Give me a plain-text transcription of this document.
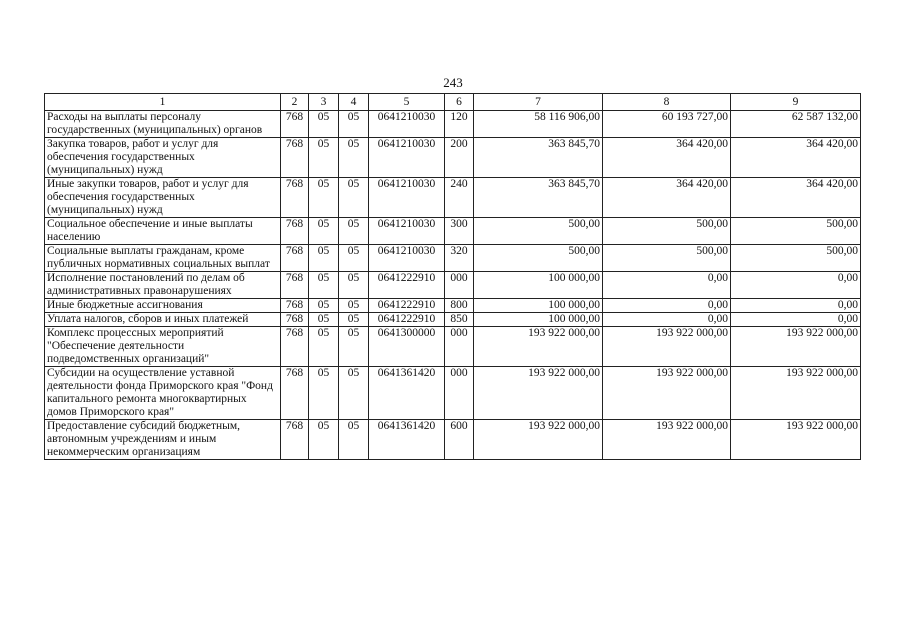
243
1	2	3	4	5	6	7	8	9
Расходы на выплаты персоналу государственных (муниципальных) органов	768	05	05	0641210030	120	58 116 906,00	60 193 727,00	62 587 132,00
Закупка товаров, работ и услуг для обеспечения государственных (муниципальных) нужд	768	05	05	0641210030	200	363 845,70	364 420,00	364 420,00
Иные закупки товаров, работ и услуг для обеспечения государственных (муниципальных) нужд	768	05	05	0641210030	240	363 845,70	364 420,00	364 420,00
Социальное обеспечение и иные выплаты населению	768	05	05	0641210030	300	500,00	500,00	500,00
Социальные выплаты гражданам, кроме публичных нормативных социальных выплат	768	05	05	0641210030	320	500,00	500,00	500,00
Исполнение постановлений по делам об административных правонарушениях	768	05	05	0641222910	000	100 000,00	0,00	0,00
Иные бюджетные ассигнования	768	05	05	0641222910	800	100 000,00	0,00	0,00
Уплата налогов, сборов и иных платежей	768	05	05	0641222910	850	100 000,00	0,00	0,00
Комплекс процессных мероприятий "Обеспечение деятельности подведомственных организаций"	768	05	05	0641300000	000	193 922 000,00	193 922 000,00	193 922 000,00
Субсидии на осуществление уставной деятельности фонда Приморского края "Фонд капитального ремонта многоквартирных домов Приморского края"	768	05	05	0641361420	000	193 922 000,00	193 922 000,00	193 922 000,00
Предоставление субсидий бюджетным, автономным учреждениям и иным некоммерческим организациям	768	05	05	0641361420	600	193 922 000,00	193 922 000,00	193 922 000,00
